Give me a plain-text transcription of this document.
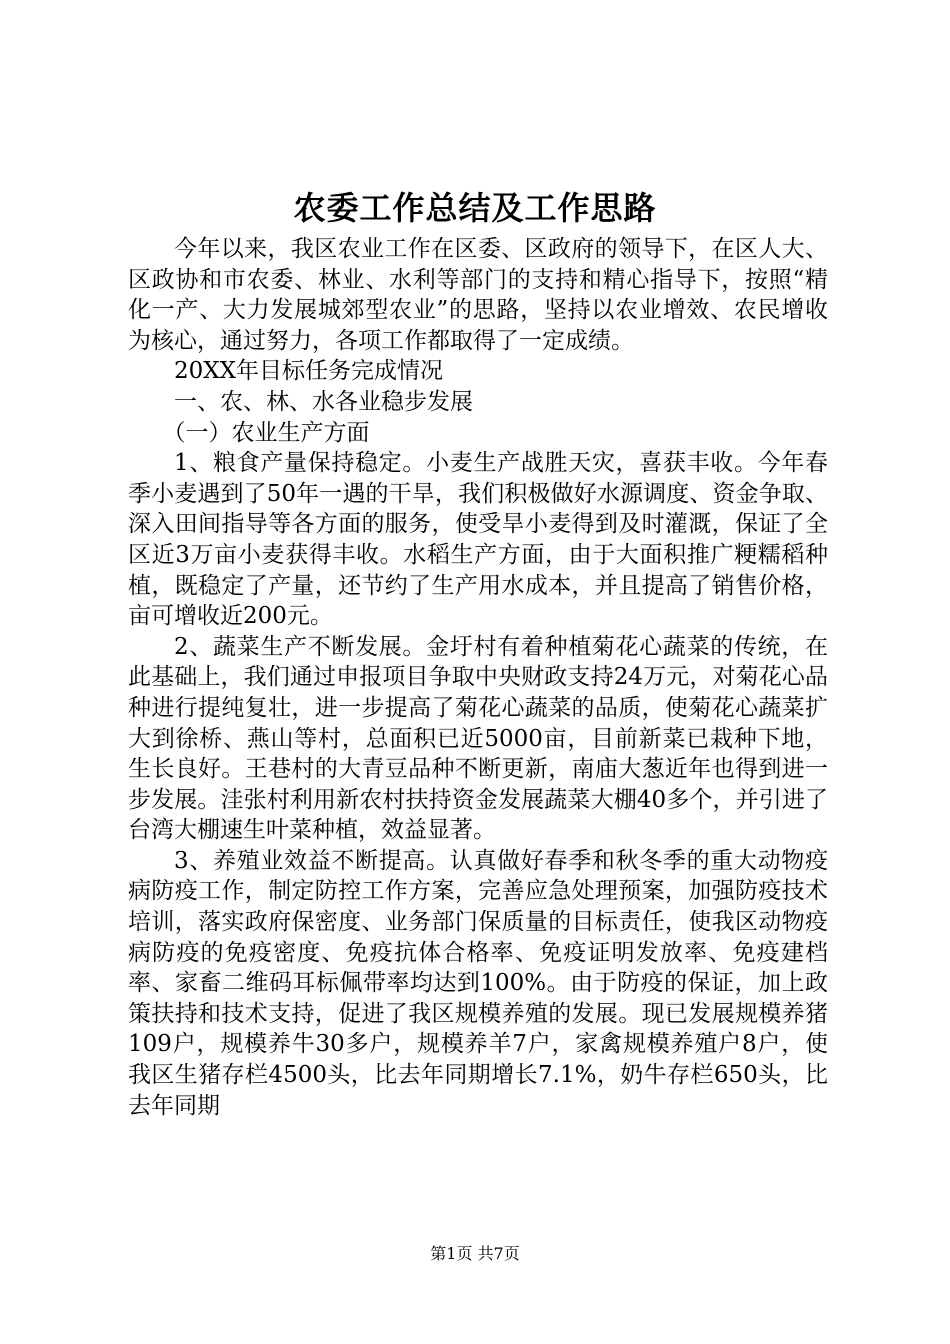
农委工作总结及工作思路

今年以来，我区农业工作在区委、区政府的领导下，在区人大、区政协和市农委、林业、水利等部门的支持和精心指导下，按照“精化一产、大力发展城郊型农业”的思路，坚持以农业增效、农民增收为核心，通过努力，各项工作都取得了一定成绩。

20XX年目标任务完成情况

一、农、林、水各业稳步发展

（一）农业生产方面

1、粮食产量保持稳定。小麦生产战胜天灾，喜获丰收。今年春季小麦遇到了50年一遇的干旱，我们积极做好水源调度、资金争取、深入田间指导等各方面的服务，使受旱小麦得到及时灌溉，保证了全区近3万亩小麦获得丰收。水稻生产方面，由于大面积推广粳糯稻种植，既稳定了产量，还节约了生产用水成本，并且提高了销售价格，亩可增收近200元。

2、蔬菜生产不断发展。金圩村有着种植菊花心蔬菜的传统，在此基础上，我们通过申报项目争取中央财政支持24万元，对菊花心品种进行提纯复壮，进一步提高了菊花心蔬菜的品质，使菊花心蔬菜扩大到徐桥、燕山等村，总面积已近5000亩，目前新菜已栽种下地，生长良好。王巷村的大青豆品种不断更新，南庙大葱近年也得到进一步发展。洼张村利用新农村扶持资金发展蔬菜大棚40多个，并引进了台湾大棚速生叶菜种植，效益显著。

3、养殖业效益不断提高。认真做好春季和秋冬季的重大动物疫病防疫工作，制定防控工作方案，完善应急处理预案，加强防疫技术培训，落实政府保密度、业务部门保质量的目标责任，使我区动物疫病防疫的免疫密度、免疫抗体合格率、免疫证明发放率、免疫建档率、家畜二维码耳标佩带率均达到100%。由于防疫的保证，加上政策扶持和技术支持，促进了我区规模养殖的发展。现已发展规模养猪109户，规模养牛30多户，规模养羊7户，家禽规模养殖户8户，使我区生猪存栏4500头，比去年同期增长7.1%，奶牛存栏650头，比去年同期

第1页 共7页
